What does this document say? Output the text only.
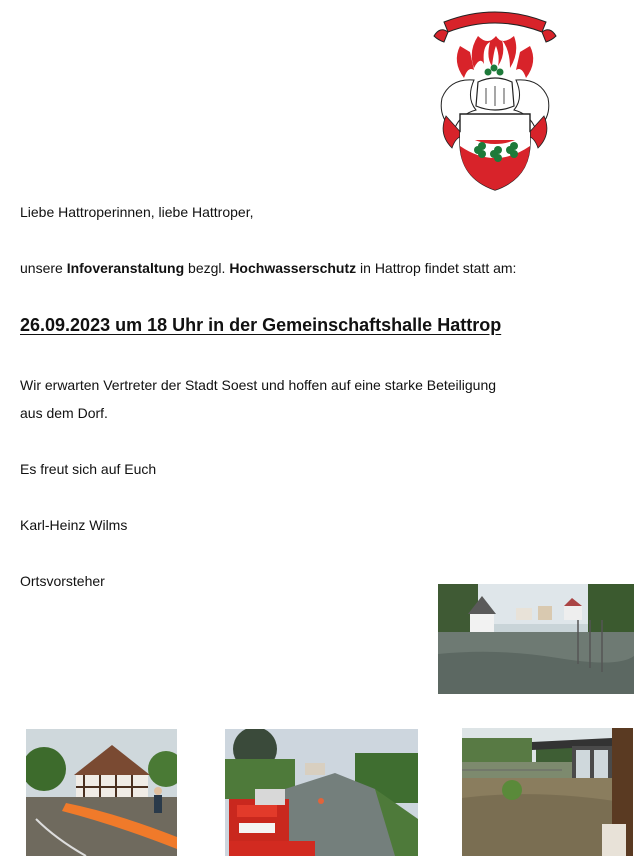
Liebe Hattroperinnen, liebe Hattroper,
unsere Infoveranstaltung bezgl. Hochwasserschutz in Hattrop findet statt am:
26.09.2023 um 18 Uhr in der Gemeinschaftshalle Hattrop
Wir erwarten Vertreter der Stadt Soest und hoffen auf eine starke Beteiligung
aus dem Dorf.
Es freut sich auf Euch
Karl-Heinz Wilms
Ortsvorsteher
